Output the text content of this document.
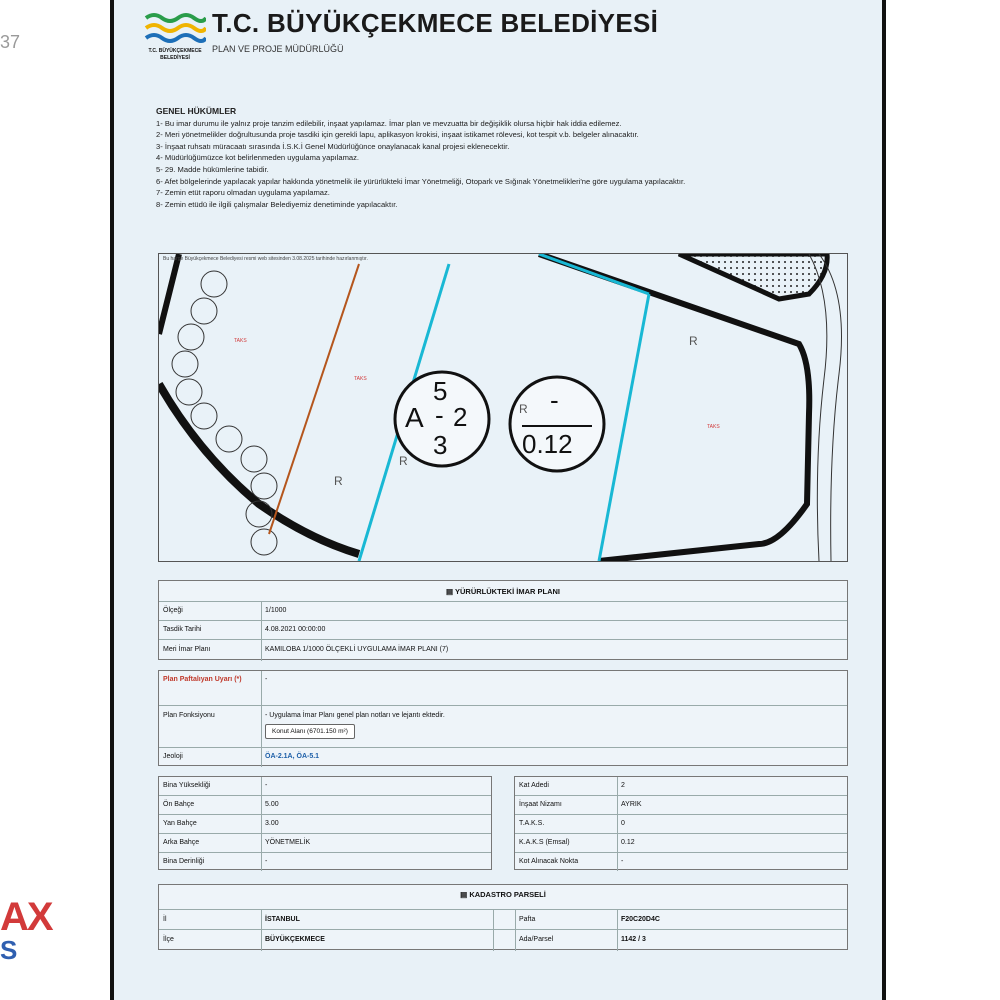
37
AX
S
T.C. BÜYÜKÇEKMECE BELEDİYESİ
T.C. BÜYÜKÇEKMECE BELEDİYESİ
PLAN VE PROJE MÜDÜRLÜĞÜ
GENEL HÜKÜMLER
1- Bu imar durumu ile yalnız proje tanzim edilebilir, inşaat yapılamaz. İmar plan ve mevzuatta bir değişiklik olursa hiçbir hak iddia edilemez.
2- Meri yönetmelikler doğrultusunda proje tasdiki için gerekli lapu, aplikasyon krokisi, inşaat istikamet rölevesi, kot tespit v.b. belgeler alınacaktır.
3- İnşaat ruhsatı müracaatı sırasında İ.S.K.İ Genel Müdürlüğünce onaylanacak kanal projesi eklenecektir.
4- Müdürlüğümüzce kot belirlenmeden uygulama yapılamaz.
5- 29. Madde hükümlerine tabidir.
6- Afet bölgelerinde yapılacak yapılar hakkında yönetmelik ile yürürlükteki İmar Yönetmeliği, Otopark ve Sığınak Yönetmelikleri'ne göre uygulama yapılacaktır.
7- Zemin etüt raporu olmadan uygulama yapılamaz.
8- Zemin etüdü ile ilgili çalışmalar Belediyemiz denetiminde yapılacaktır.
Bu harge Büyükçekmece Belediyesi resmi web sitesinden 3.08.2025 tarihinde hazırlanmıştır.
5
A - 2
3
-
0.12
R
R
R
R
TAKS
TAKS
TAKS
▤ YÜRÜRLÜKTEKİ İMAR PLANI
Ölçeği	1/1000
Tasdik Tarihi	4.08.2021 00:00:00
Meri İmar Planı	KAMILOBA 1/1000 ÖLÇEKLİ UYGULAMA İMAR PLANI (7)
Plan Paftalıyan Uyarı (*)	-
Plan Fonksiyonu	- Uygulama İmar Planı genel plan notları ve lejantı ektedir.
Konut Alanı (6701.150 m²)
Jeoloji	ÖA-2.1A, ÖA-5.1
Bina Yüksekliği	-
Ön Bahçe	5.00
Yan Bahçe	3.00
Arka Bahçe	YÖNETMELİK
Bina Derinliği	-
Kat Adedi	2
İnşaat Nizamı	AYRIK
T.A.K.S.	0
K.A.K.S (Emsal)	0.12
Kot Alınacak Nokta	-
▤ KADASTRO PARSELİ
İl	İSTANBUL	Pafta	F20C20D4C
İlçe	BÜYÜKÇEKMECE	Ada/Parsel	1142 / 3
